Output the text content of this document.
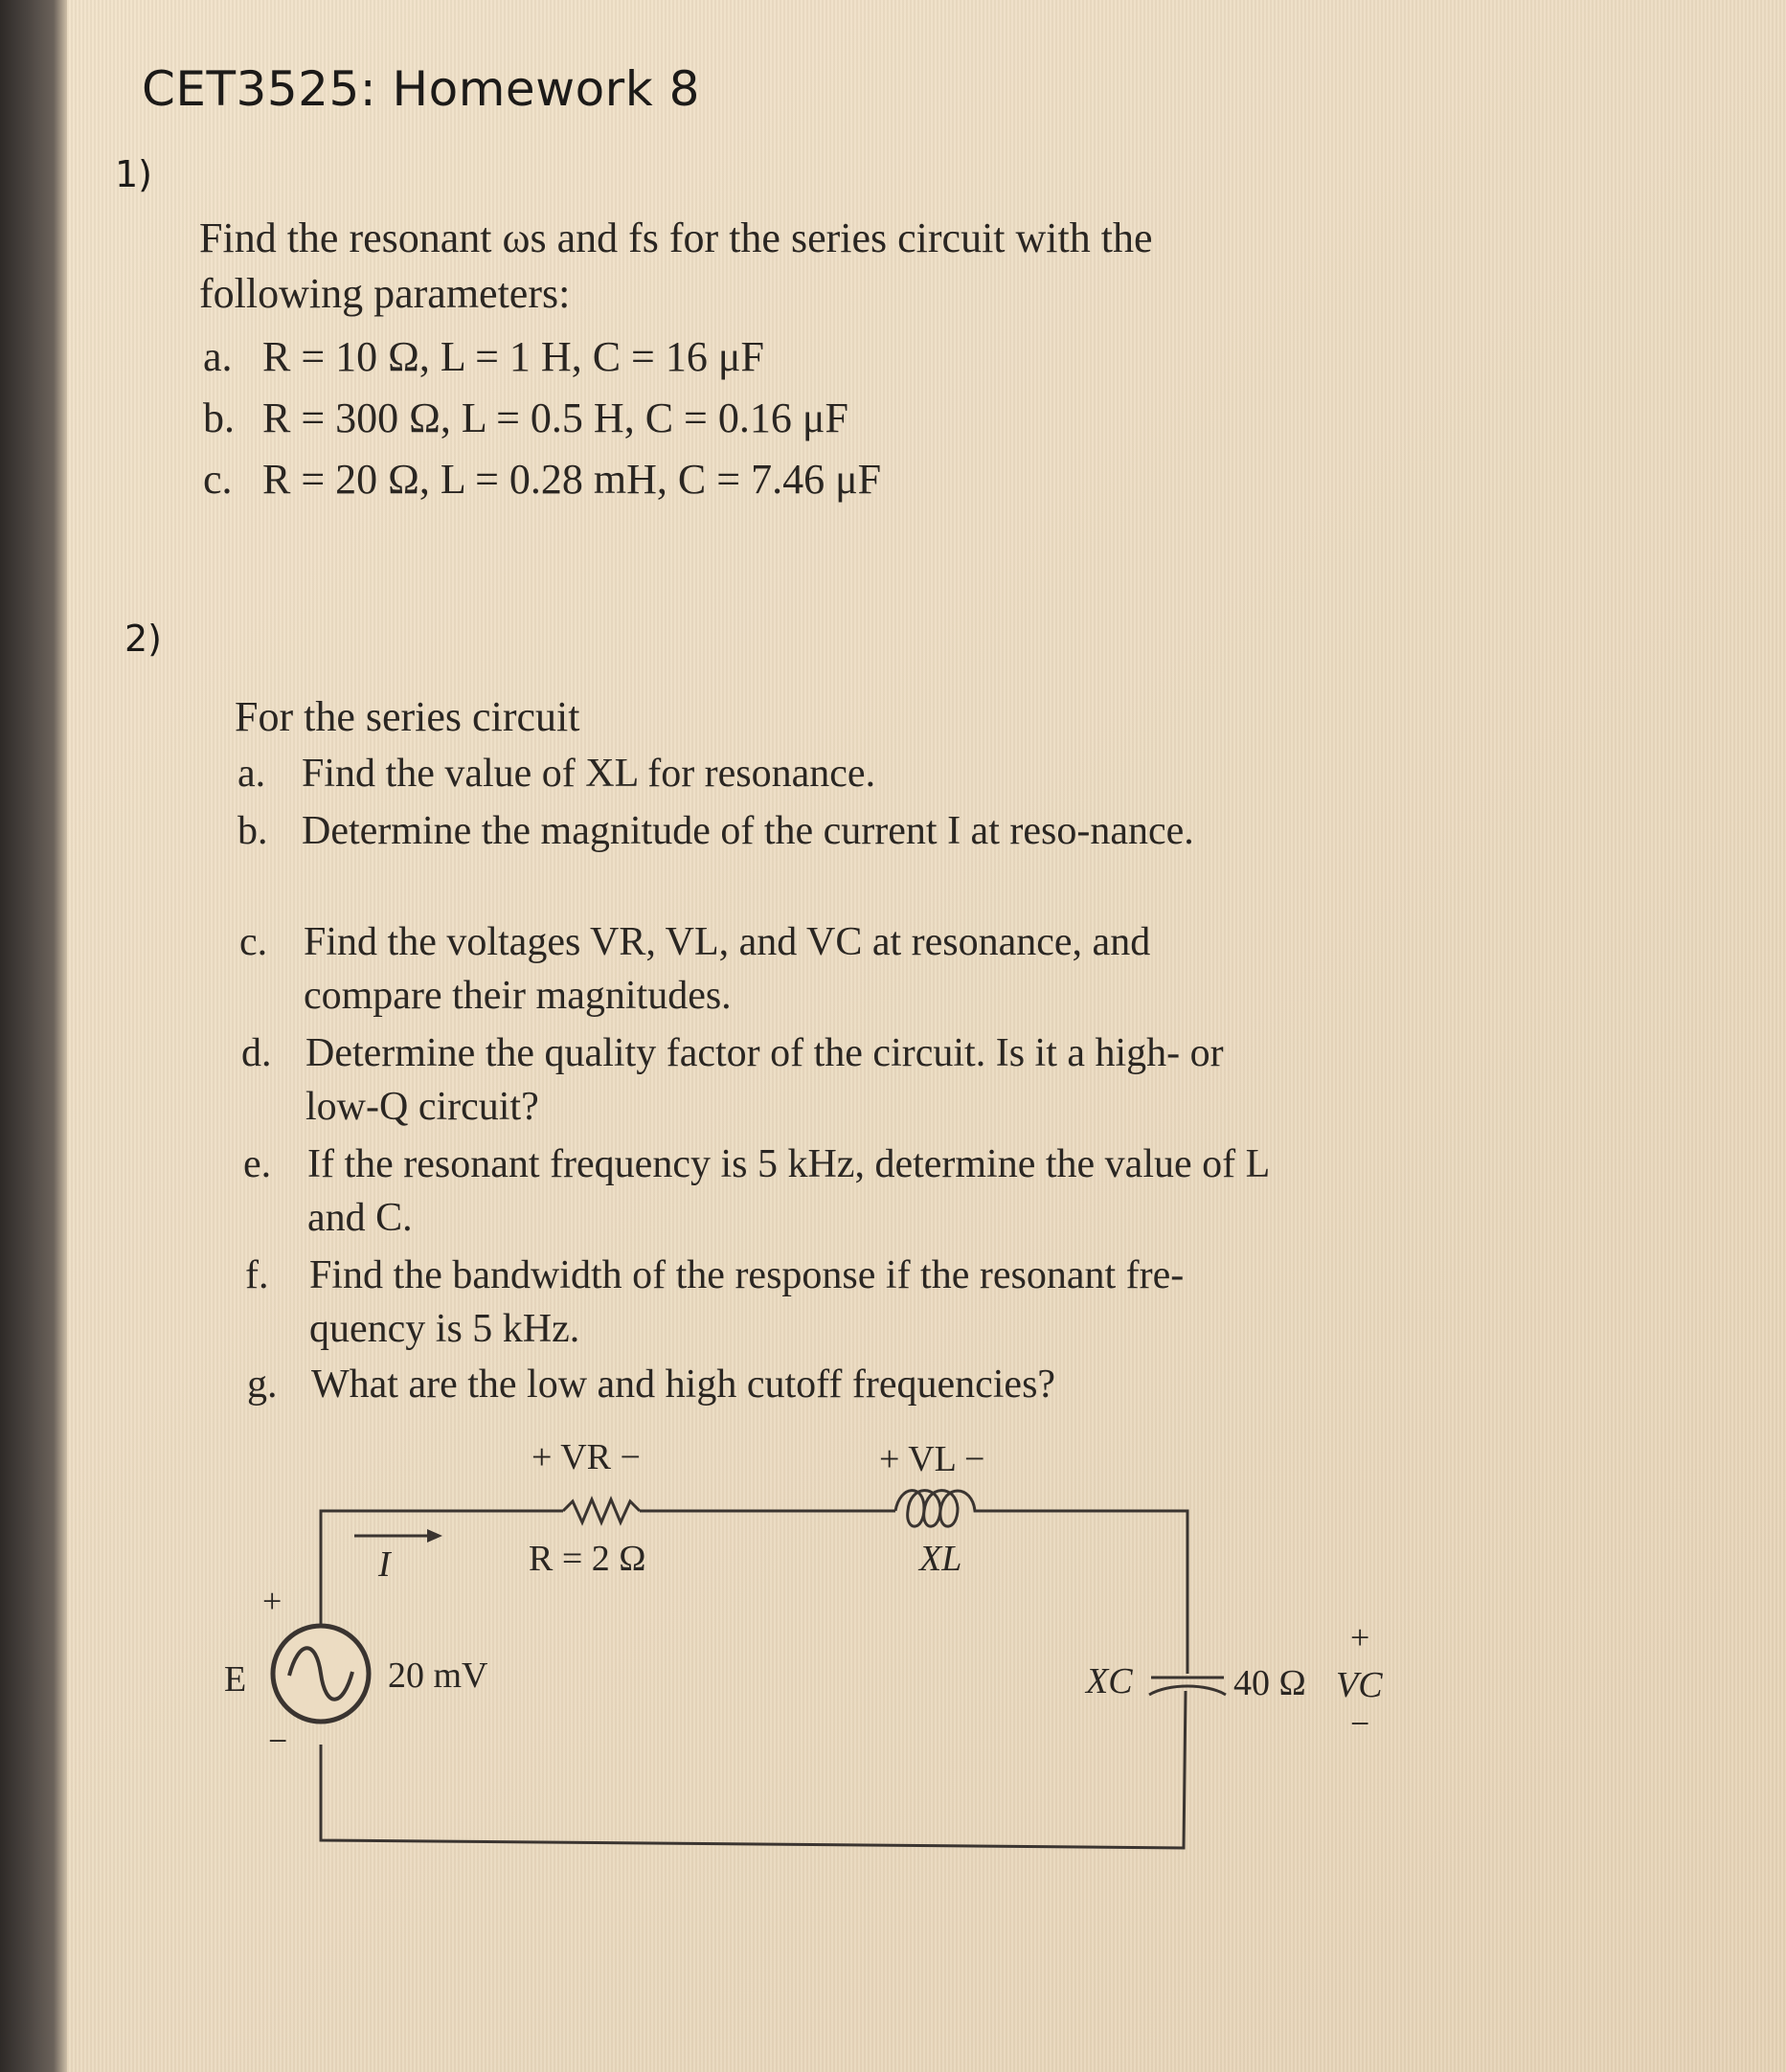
CET3525: Homework 8
1)
Find the resonant ωs and fs for the series circuit with the following parameters:
a. R = 10 Ω, L = 1 H, C = 16 μF
b. R = 300 Ω, L = 0.5 H, C = 0.16 μF
c. R = 20 Ω, L = 0.28 mH, C = 7.46 μF
2)
For the series circuit
a. Find the value of XL for resonance.
b. Determine the magnitude of the current I at reso-nance.
c. Find the voltages VR, VL, and VC at resonance, and compare their magnitudes.
d. Determine the quality factor of the circuit. Is it a high- or low-Q circuit?
e. If the resonant frequency is 5 kHz, determine the value of L and C.
f. Find the bandwidth of the response if the resonant fre-quency is 5 kHz.
g. What are the low and high cutoff frequencies?
+ VR −	+ VL −
R = 2 Ω	XL
I
+
E	20 mV
−
XC	40 Ω
+
VC
−
